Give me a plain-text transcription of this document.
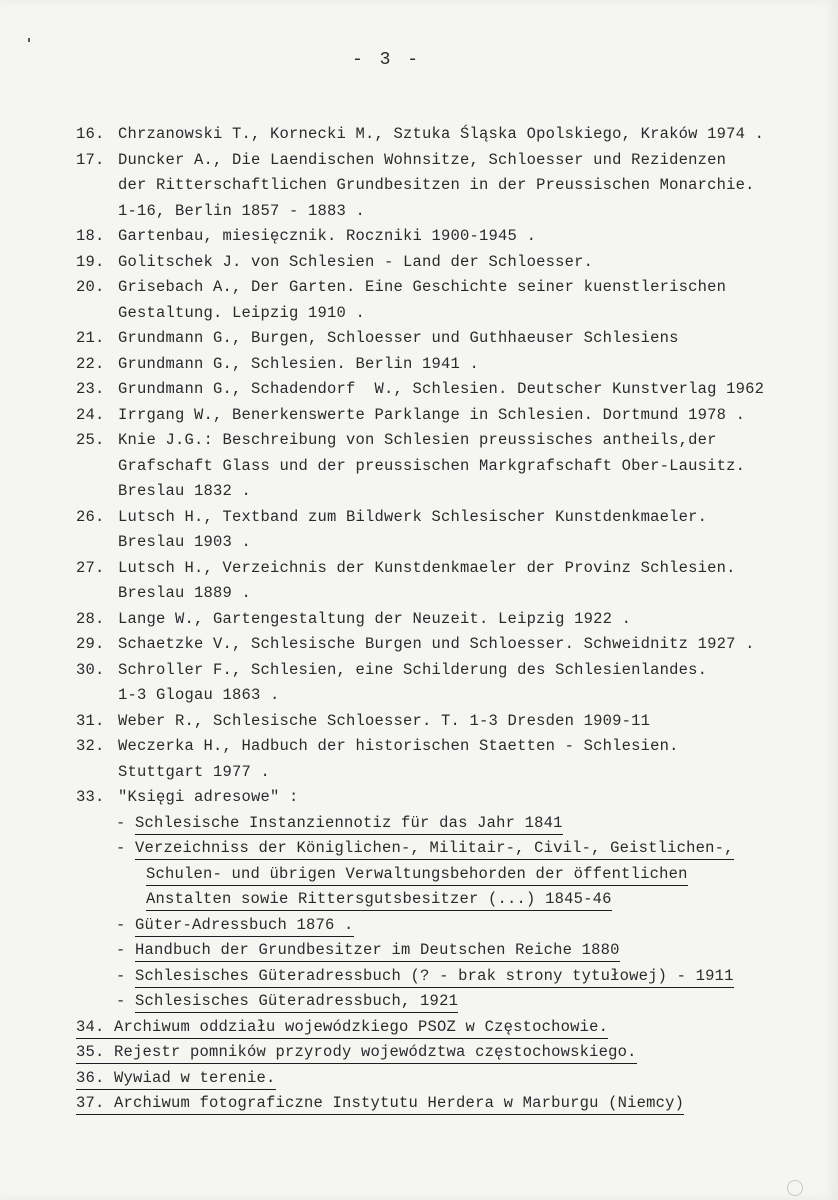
- 3 -
16. Chrzanowski T., Kornecki M., Sztuka Śląska Opolskiego, Kraków 1974 .
17. Duncker A., Die Laendischen Wohnsitze, Schloesser und Rezidenzen
der Ritterschaftlichen Grundbesitzen in der Preussischen Monarchie.
1-16, Berlin 1857 - 1883 .
18. Gartenbau, miesięcznik. Roczniki 1900-1945 .
19. Golitschek J. von Schlesien - Land der Schloesser.
20. Grisebach A., Der Garten. Eine Geschichte seiner kuenstlerischen
Gestaltung. Leipzig 1910 .
21. Grundmann G., Burgen, Schloesser und Guthhaeuser Schlesiens
22. Grundmann G., Schlesien. Berlin 1941 .
23. Grundmann G., Schadendorf  W., Schlesien. Deutscher Kunstverlag 1962
24. Irrgang W., Benerkenswerte Parklange in Schlesien. Dortmund 1978 .
25. Knie J.G.: Beschreibung von Schlesien preussisches antheils,der
Grafschaft Glass und der preussischen Markgrafschaft Ober-Lausitz.
Breslau 1832 .
26. Lutsch H., Textband zum Bildwerk Schlesischer Kunstdenkmaeler.
Breslau 1903 .
27. Lutsch H., Verzeichnis der Kunstdenkmaeler der Provinz Schlesien.
Breslau 1889 .
28. Lange W., Gartengestaltung der Neuzeit. Leipzig 1922 .
29. Schaetzke V., Schlesische Burgen und Schloesser. Schweidnitz 1927 .
30. Schroller F., Schlesien, eine Schilderung des Schlesienlandes.
1-3 Glogau 1863 .
31. Weber R., Schlesische Schloesser. T. 1-3 Dresden 1909-11
32. Weczerka H., Hadbuch der historischen Staetten - Schlesien.
Stuttgart 1977 .
33. "Księgi adresowe" :
- Schlesische Instanziennotiz für das Jahr 1841
- Verzeichniss der Königlichen-, Militair-, Civil-, Geistlichen-,
Schulen- und übrigen Verwaltungsbehorden der öffentlichen
Anstalten sowie Rittersgutsbesitzer (...) 1845-46
- Güter-Adressbuch 1876 .
- Handbuch der Grundbesitzer im Deutschen Reiche 1880
- Schlesisches Güteradressbuch (? - brak strony tytułowej) - 1911
- Schlesisches Güteradressbuch, 1921
34. Archiwum oddziału wojewódzkiego PSOZ w Częstochowie.
35. Rejestr pomników przyrody województwa częstochowskiego.
36. Wywiad w terenie.
37. Archiwum fotograficzne Instytutu Herdera w Marburgu (Niemcy)
